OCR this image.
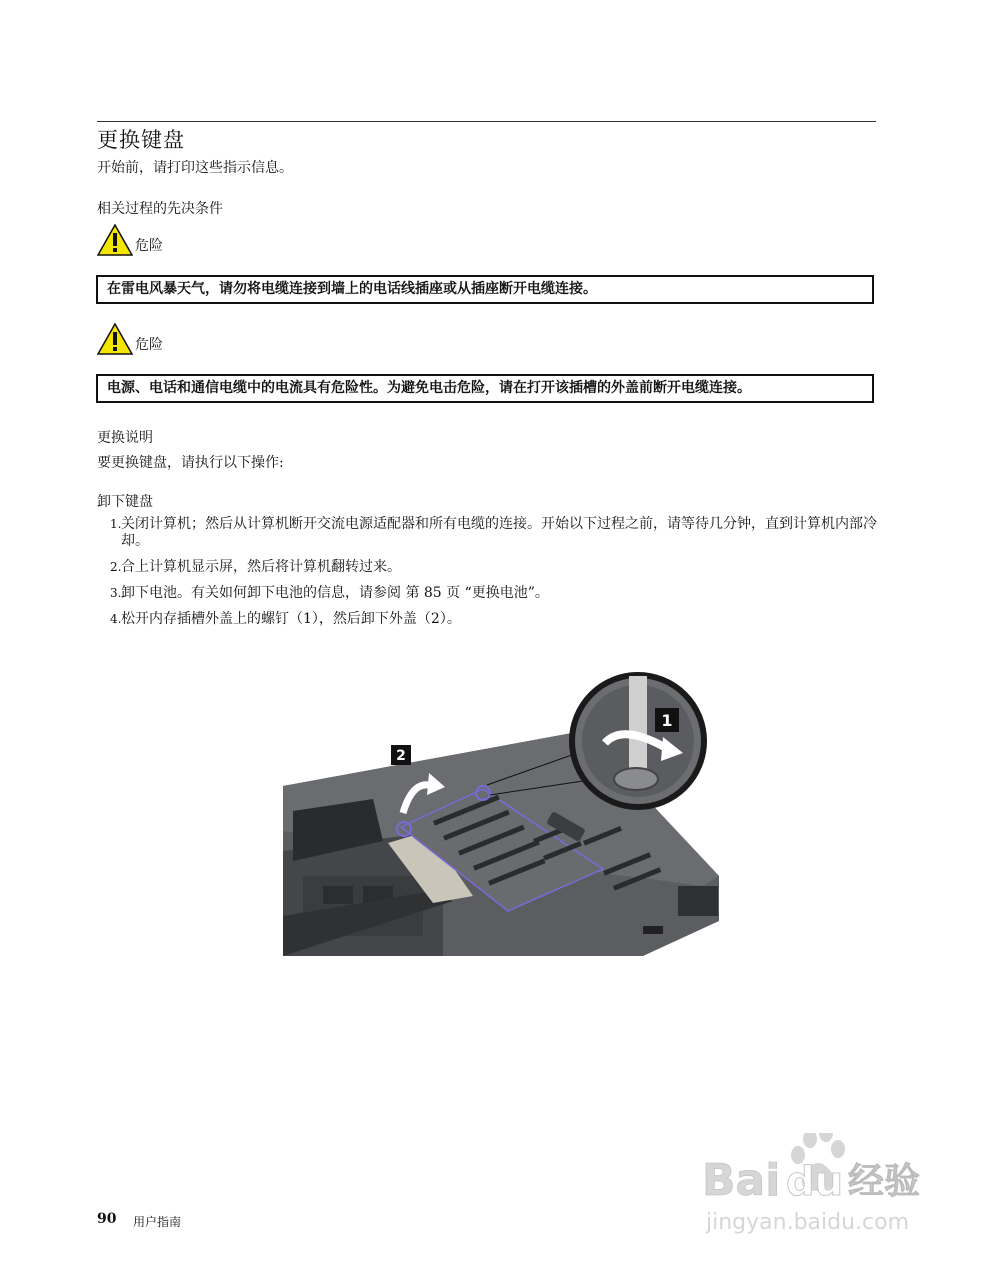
更换键盘
开始前，请打印这些指示信息。
相关过程的先决条件
危险
在雷电风暴天气，请勿将电缆连接到墙上的电话线插座或从插座断开电缆连接。
危险
电源、电话和通信电缆中的电流具有危险性。为避免电击危险，请在打开该插槽的外盖前断开电缆连接。
更换说明
要更换键盘，请执行以下操作:
卸下键盘
1. 关闭计算机；然后从计算机断开交流电源适配器和所有电缆的连接。开始以下过程之前，请等待几分钟，直到计算机内部冷却。
2. 合上计算机显示屏，然后将计算机翻转过来。
3. 卸下电池。有关如何卸下电池的信息，请参阅 第 85 页 “更换电池”。
4. 松开内存插槽外盖上的螺钉（1），然后卸下外盖（2）。
2
1
90 用户指南
Bai du 经验
jingyan.baidu.com
